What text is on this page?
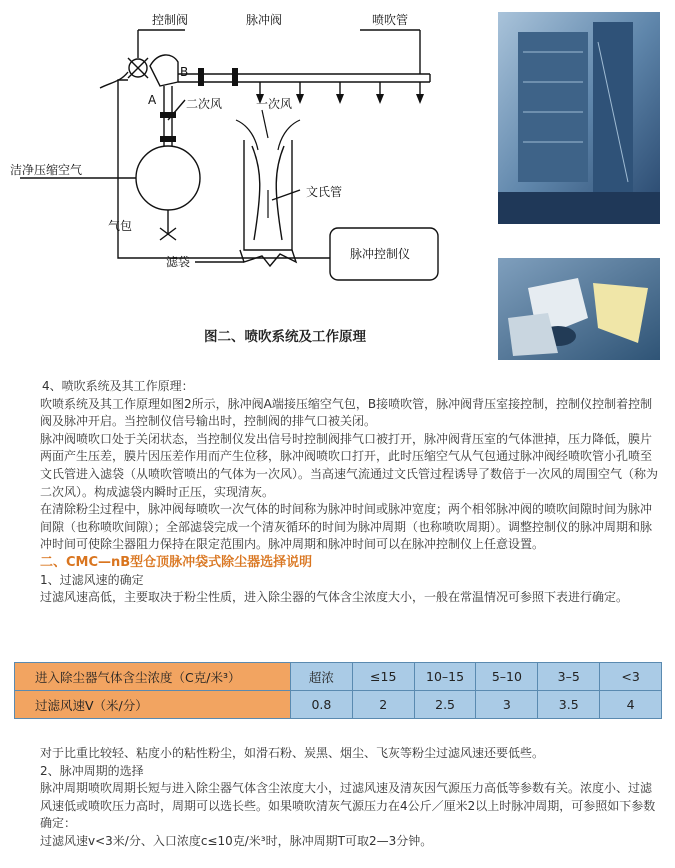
控制阀	脉冲阀	喷吹管
B
A 二次风	一次风
洁净压缩空气
文氏管
气包
滤袋
脉冲控制仪
图二、喷吹系统及工作原理

4、喷吹系统及其工作原理：

吹喷系统及其工作原理如图2所示，脉冲阀A端接压缩空气包，B接喷吹管，脉冲阀背压室接控制，控制仪控制着控制阀及脉冲开启。当控制仪信号输出时，控制阀的排气口被关闭。

脉冲阀喷吹口处于关闭状态，当控制仪发出信号时控制阀排气口被打开，脉冲阀背压室的气体泄掉，压力降低，膜片两面产生压差，膜片因压差作用而产生位移，脉冲阀喷吹口打开，此时压缩空气从气包通过脉冲阀经喷吹管小孔喷至文氏管进入滤袋（从喷吹管喷出的气体为一次风）。当高速气流通过文氏管过程诱导了数倍于一次风的周围空气（称为二次风）。构成滤袋内瞬时正压，实现清灰。

在清除粉尘过程中，脉冲阀每喷吹一次气体的时间称为脉冲时间或脉冲宽度；两个相邻脉冲阀的喷吹间隙时间为脉冲间隙（也称喷吹间隙）；全部滤袋完成一个清灰循环的时间为脉冲周期（也称喷吹周期）。调整控制仪的脉冲周期和脉冲时间可使除尘器阻力保持在限定范围内。脉冲周期和脉冲时间可以在脉冲控制仪上任意设置。

二、CMC—nB型仓顶脉冲袋式除尘器选择说明

1、过滤风速的确定

过滤风速高低，主要取决于粉尘性质，进入除尘器的气体含尘浓度大小，一般在常温情况可参照下表进行确定。

进入除尘器气体含尘浓度（C克/米³）	超浓	≤15	10–15	5–10	3–5	<3
过滤风速V（米/分）	0.8	2	2.5	3	3.5	4

对于比重比较轻、粘度小的粘性粉尘，如滑石粉、炭黑、烟尘、飞灰等粉尘过滤风速还要低些。

2、脉冲周期的选择

脉冲周期喷吹周期长短与进入除尘器气体含尘浓度大小，过滤风速及清灰因气源压力高低等参数有关。浓度小、过滤风速低或喷吹压力高时，周期可以选长些。如果喷吹清灰气源压力在4公斤／厘米2以上时脉冲周期，可参照如下参数确定：

过滤风速v<3米/分、入口浓度c≤10克/米³时，脉冲周期T可取2—3分钟。
